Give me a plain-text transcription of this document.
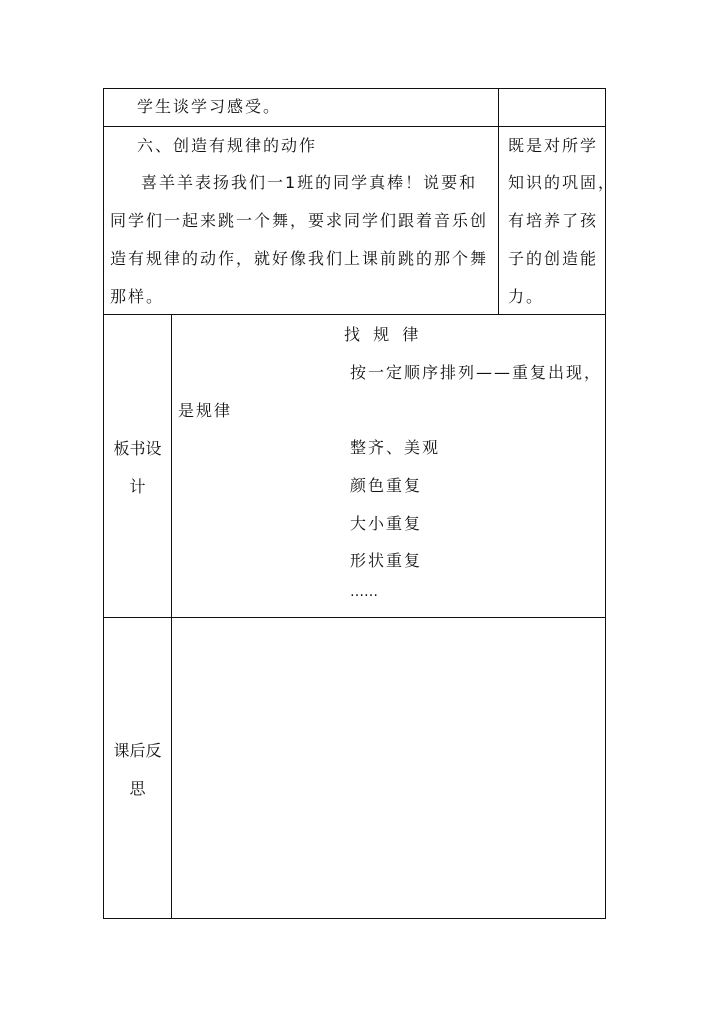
学生谈学习感受。
六、创造有规律的动作
喜羊羊表扬我们一1班的同学真棒！说要和
同学们一起来跳一个舞，要求同学们跟着音乐创
造有规律的动作，就好像我们上课前跳的那个舞
那样。
既是对所学
知识的巩固，
有培养了孩
子的创造能
力。
板书设
计
找  规  律
按一定顺序排列——重复出现，
是规律
整齐、美观
颜色重复
大小重复
形状重复
……
课后反
思
